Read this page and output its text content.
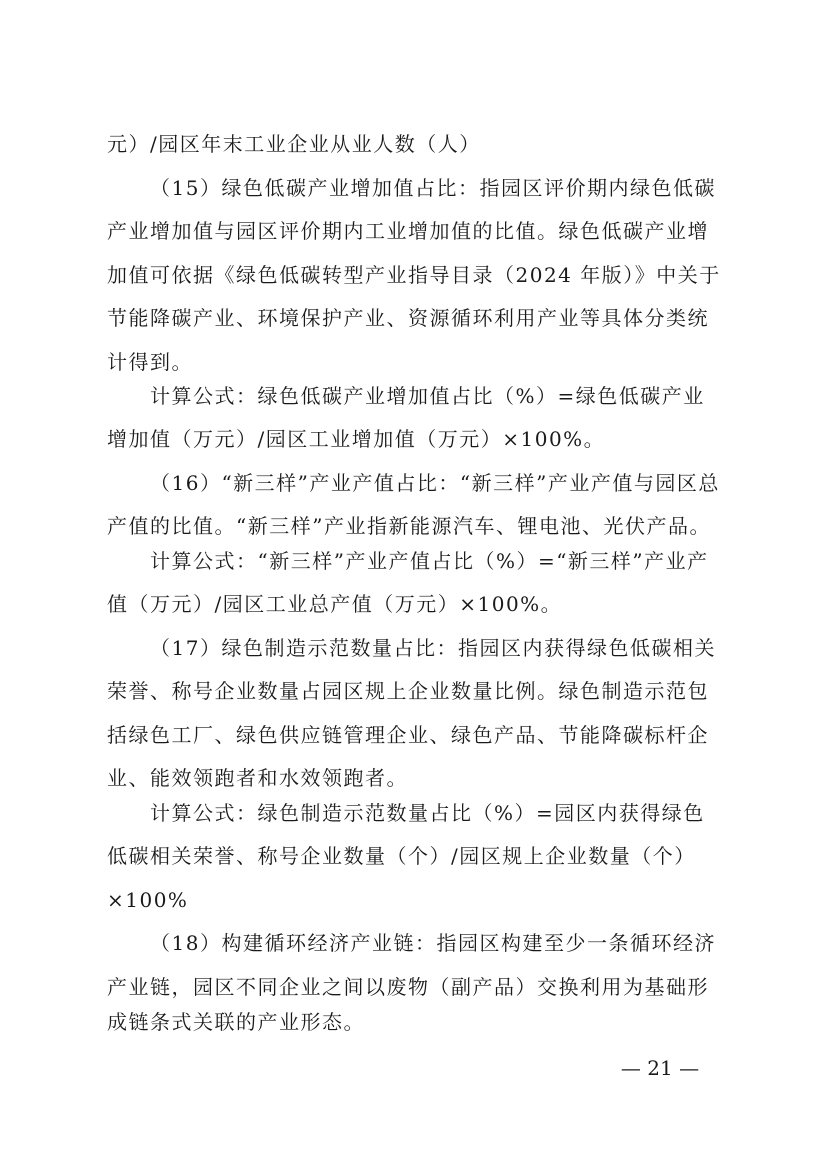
元）/园区年末工业企业从业人数（人）
（15）绿色低碳产业增加值占比：指园区评价期内绿色低碳
产业增加值与园区评价期内工业增加值的比值。绿色低碳产业增
加值可依据《绿色低碳转型产业指导目录（2024 年版）》中关于
节能降碳产业、环境保护产业、资源循环利用产业等具体分类统
计得到。
计算公式：绿色低碳产业增加值占比（%）=绿色低碳产业
增加值（万元）/园区工业增加值（万元）×100%。
（16）“新三样”产业产值占比：“新三样”产业产值与园区总
产值的比值。“新三样”产业指新能源汽车、锂电池、光伏产品。
计算公式：“新三样”产业产值占比（%）=“新三样”产业产
值（万元）/园区工业总产值（万元）×100%。
（17）绿色制造示范数量占比：指园区内获得绿色低碳相关
荣誉、称号企业数量占园区规上企业数量比例。绿色制造示范包
括绿色工厂、绿色供应链管理企业、绿色产品、节能降碳标杆企
业、能效领跑者和水效领跑者。
计算公式：绿色制造示范数量占比（%）=园区内获得绿色
低碳相关荣誉、称号企业数量（个）/园区规上企业数量（个）
×100%
（18）构建循环经济产业链：指园区构建至少一条循环经济
产业链，园区不同企业之间以废物（副产品）交换利用为基础形
成链条式关联的产业形态。
— 21 —
